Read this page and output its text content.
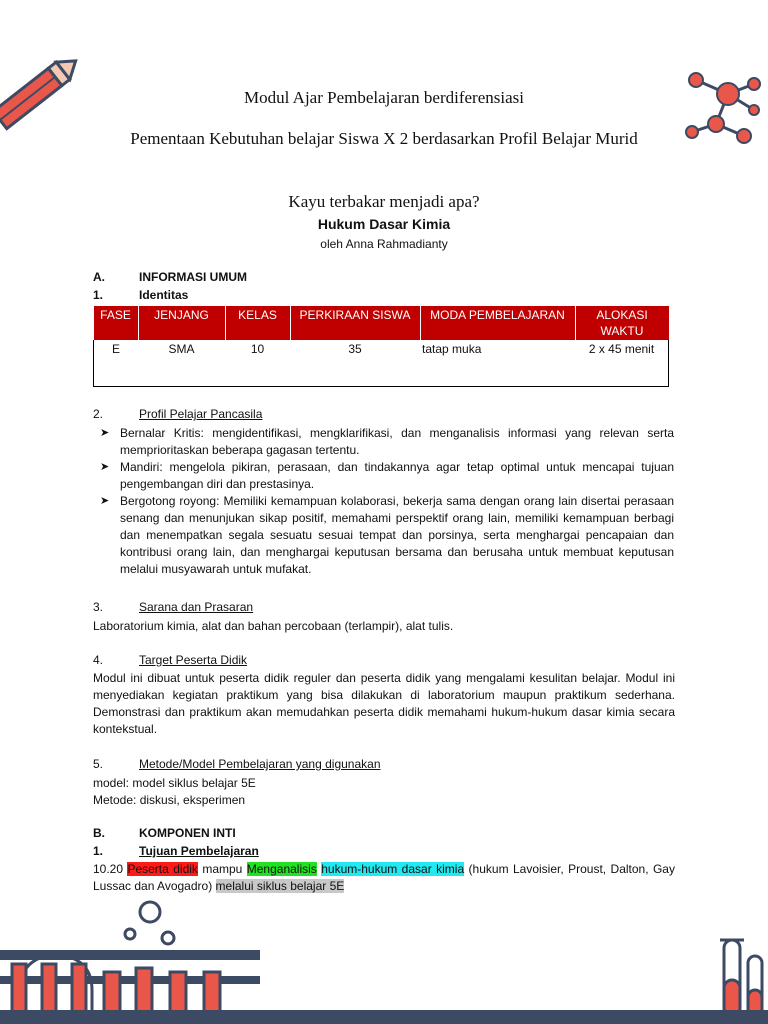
Modul Ajar Pembelajaran berdiferensiasi
Pementaan Kebutuhan belajar Siswa X 2 berdasarkan Profil Belajar Murid
Kayu terbakar menjadi apa?
Hukum Dasar Kimia
oleh Anna Rahmadianty
A.	INFORMASI UMUM
1.	Identitas
FASE	JENJANG	KELAS	PERKIRAAN SISWA	MODA PEMBELAJARAN	ALOKASI WAKTU
E	SMA	10	35	tatap muka	2 x 45 menit
2.	Profil Pelajar Pancasila

➤ Bernalar Kritis: mengidentifikasi, mengklarifikasi, dan menganalisis informasi yang relevan serta memprioritaskan beberapa gagasan tertentu.

➤ Mandiri: mengelola pikiran, perasaan, dan tindakannya agar tetap optimal untuk mencapai tujuan pengembangan diri dan prestasinya.

➤ Bergotong royong: Memiliki kemampuan kolaborasi, bekerja sama dengan orang lain disertai perasaan senang dan menunjukan sikap positif, memahami perspektif orang lain, memiliki kemampuan berbagi dan menempatkan segala sesuatu sesuai tempat dan porsinya, serta menghargai pencapaian dan kontribusi orang lain, dan menghargai keputusan bersama dan berusaha untuk membuat keputusan melalui musyawarah untuk mufakat.

3.	Sarana dan Prasaran
Laboratorium kimia, alat dan bahan percobaan (terlampir), alat tulis.
4.	Target Peserta Didik
Modul ini dibuat untuk peserta didik reguler dan peserta didik yang mengalami kesulitan belajar. Modul ini menyediakan kegiatan praktikum yang bisa dilakukan di laboratorium maupun praktikum sederhana. Demonstrasi dan praktikum akan memudahkan peserta didik memahami hukum-hukum dasar kimia secara kontekstual.
5.	Metode/Model Pembelajaran yang digunakan
model: model siklus belajar 5E
Metode: diskusi, eksperimen
B.	KOMPONEN INTI
1.	Tujuan Pembelajaran
10.20 Peserta didik mampu Menganalisis hukum-hukum dasar kimia (hukum Lavoisier, Proust, Dalton, Gay Lussac dan Avogadro) melalui siklus belajar 5E
